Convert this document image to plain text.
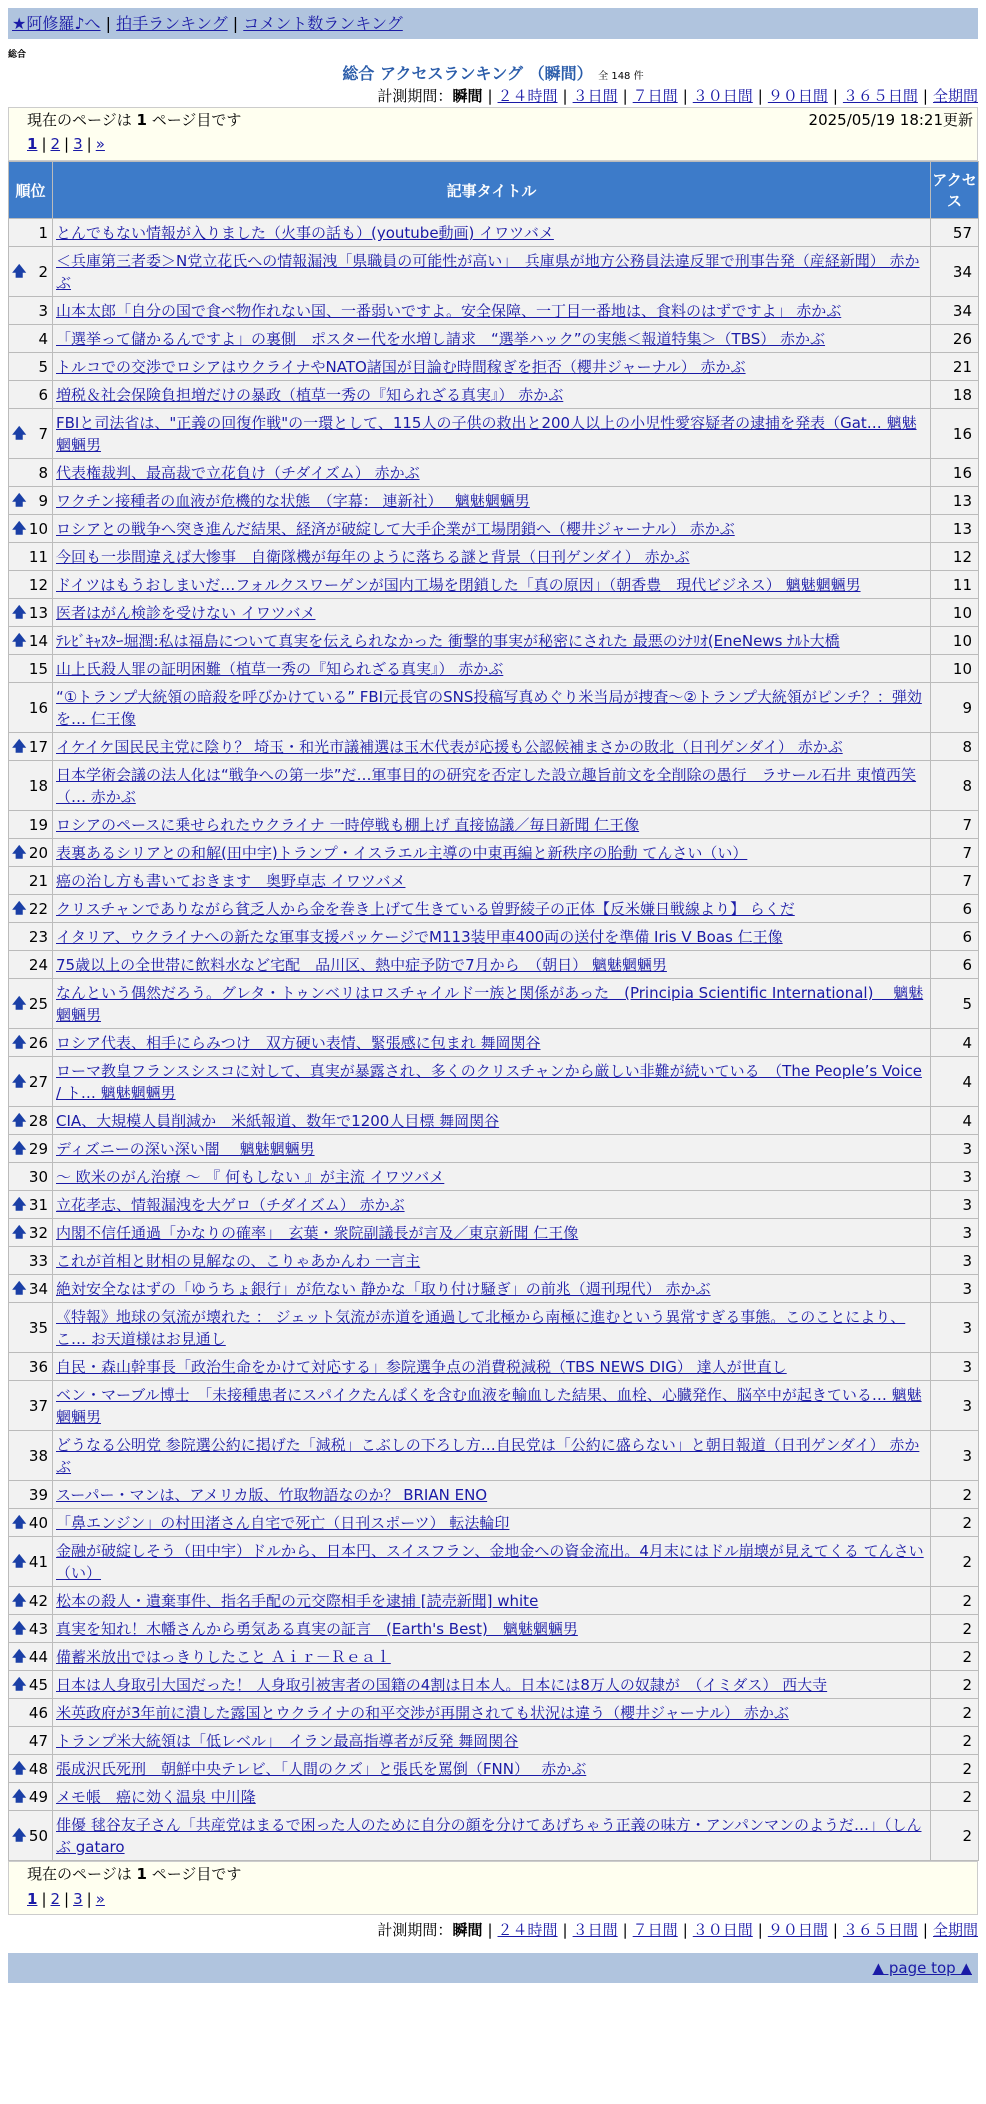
★阿修羅♪へ | 拍手ランキング | コメント数ランキング
総合
総合 アクセスランキング （瞬間） 全 148 件
計測期間：瞬間 | ２４時間 | ３日間 | ７日間 | ３０日間 | ９０日間 | ３６５日間 | 全期間
現在のページは 1 ページ目です	2025/05/19 18:21更新
1 | 2 | 3 | »
順位	記事タイトル	アクセス
1	とんでもない情報が入りました（火事の話も）(youtube動画) イワツバメ	57

🡅 2	＜兵庫第三者委＞N党立花氏への情報漏洩「県職員の可能性が高い」　兵庫県が地方公務員法違反罪で刑事告発（産経新聞） 赤かぶ	34
3	山本太郎「自分の国で食べ物作れない国、一番弱いですよ。安全保障、一丁目一番地は、食料のはずですよ」 赤かぶ	34
4	「選挙って儲かるんですよ」の裏側　ポスター代を水増し請求　“選挙ハック”の実態＜報道特集＞（TBS） 赤かぶ	26
5	トルコでの交渉でロシアはウクライナやNATO諸国が目論む時間稼ぎを拒否（櫻井ジャーナル） 赤かぶ	21
6	増税＆社会保険負担増だけの暴政（植草一秀の『知られざる真実』） 赤かぶ	18

🡅 7	FBIと司法省は、"正義の回復作戦"の一環として、115人の子供の救出と200人以上の小児性愛容疑者の逮捕を発表（Gat… 魑魅魍魎男	16
8	代表権裁判、最高裁で立花負け（チダイズム） 赤かぶ	16

🡅 9	ワクチン接種者の血液が危機的な状態　（字幕： 連新社）　 魑魅魍魎男	13

🡅 10	ロシアとの戦争へ突き進んだ結果、経済が破綻して大手企業が工場閉鎖へ（櫻井ジャーナル） 赤かぶ	13
11	今回も一歩間違えば大惨事　自衛隊機が毎年のように落ちる謎と背景（日刊ゲンダイ） 赤かぶ	12
12	ドイツはもうおしまいだ…フォルクスワーゲンが国内工場を閉鎖した「真の原因」（朝香豊　現代ビジネス） 魑魅魍魎男	11

🡅 13	医者はがん検診を受けない イワツバメ	10

🡅 14	ﾃﾚﾋﾞｷｬｽﾀｰ堀潤:私は福島について真実を伝えられなかった 衝撃的事実が秘密にされた 最悪のｼﾅﾘｵ(EneNews ﾅﾙﾄ大橋	10
15	山上氏殺人罪の証明困難（植草一秀の『知られざる真実』） 赤かぶ	10
16	“①トランプ大統領の暗殺を呼びかけている” FBI元長官のSNS投稿写真めぐり米当局が捜査〜②トランプ大統領がピンチ？：弾効を… 仁王像	9

🡅 17	イケイケ国民民主党に陰り？ 埼玉・和光市議補選は玉木代表が応援も公認候補まさかの敗北（日刊ゲンダイ） 赤かぶ	8
18	日本学術会議の法人化は“戦争への第一歩”だ…軍事目的の研究を否定した設立趣旨前文を全削除の愚行　ラサール石井 東憤西笑（… 赤かぶ	8
19	ロシアのペースに乗せられたウクライナ 一時停戦も棚上げ 直接協議／毎日新聞 仁王像	7

🡅 20	表裏あるシリアとの和解(田中宇)トランプ・イスラエル主導の中東再編と新秩序の胎動 てんさい（い）	7
21	癌の治し方も書いておきます　奥野卓志 イワツバメ	7

🡅 22	クリスチャンでありながら貧乏人から金を巻き上げて生きている曽野綾子の正体【反米嫌日戦線より】 らくだ	6
23	イタリア、ウクライナへの新たな軍事支援パッケージでM113装甲車400両の送付を準備 Iris V Boas 仁王像	6
24	75歳以上の全世帯に飲料水など宅配　品川区、熱中症予防で7月から　（朝日） 魑魅魍魎男	6

🡅 25	なんという偶然だろう。グレタ・トゥンベリはロスチャイルド一族と関係があった　(Principia Scientific International)　 魑魅魍魎男	5

🡅 26	ロシア代表、相手にらみつけ　双方硬い表情、緊張感に包まれ 舞岡関谷	4

🡅 27	ローマ教皇フランスシスコに対して、真実が暴露され、多くのクリスチャンから厳しい非難が続いている　（The People’s Voice / ト… 魑魅魍魎男	4

🡅 28	CIA、大規模人員削減か　米紙報道、数年で1200人目標 舞岡関谷	4

🡅 29	ディズニーの深い深い闇　 魑魅魍魎男	3
30	〜 欧米のがん治療 〜 『 何もしない 』が主流 イワツバメ	3

🡅 31	立花孝志、情報漏洩を大ゲロ（チダイズム） 赤かぶ	3

🡅 32	内閣不信任通過「かなりの確率」　玄葉・衆院副議長が言及／東京新聞 仁王像	3
33	これが首相と財相の見解なの、こりゃあかんわ 一言主	3

🡅 34	絶対安全なはずの「ゆうちょ銀行」が危ない 静かな「取り付け騒ぎ」の前兆（週刊現代） 赤かぶ	3
35	《特報》地球の気流が壊れた ： ジェット気流が赤道を通過して北極から南極に進むという異常すぎる事態。このことにより、こ… お天道様はお見通し	3
36	自民・森山幹事長「政治生命をかけて対応する」参院選争点の消費税減税（TBS NEWS DIG） 達人が世直し	3
37	ベン・マーブル博士　「未接種患者にスパイクたんぱくを含む血液を輸血した結果、血栓、心臓発作、脳卒中が起きている… 魑魅魍魎男	3
38	どうなる公明党 参院選公約に掲げた「減税」こぶしの下ろし方…自民党は「公約に盛らない」と朝日報道（日刊ゲンダイ） 赤かぶ	3
39	スーパー・マンは、アメリカ版、竹取物語なのか？ BRIAN ENO	2

🡅 40	「鼻エンジン」の村田渚さん自宅で死亡（日刊スポーツ） 転法輪印	2

🡅 41	金融が破綻しそう（田中宇）ドルから、日本円、スイスフラン、金地金への資金流出。4月末にはドル崩壊が見えてくる てんさい（い）	2

🡅 42	松本の殺人・遺棄事件、指名手配の元交際相手を逮捕 [読売新聞] white	2

🡅 43	真実を知れ！木幡さんから勇気ある真実の証言　(Earth's Best)　魑魅魍魎男	2

🡅 44	備蓄米放出ではっきりしたこと Ａｉｒ－Ｒｅａｌ	2

🡅 45	日本は人身取引大国だった！ 人身取引被害者の国籍の4割は日本人。日本には8万人の奴隷が　（イミダス） 西大寺	2
46	米英政府が3年前に潰した露国とウクライナの和平交渉が再開されても状況は違う（櫻井ジャーナル） 赤かぶ	2
47	トランプ米大統領は「低レベル」　イラン最高指導者が反発 舞岡関谷	2

🡅 48	張成沢氏死刑　朝鮮中央テレビ、「人間のクズ」と張氏を罵倒（FNN）　 赤かぶ	2

🡅 49	メモ帳　癌に効く温泉 中川隆	2

🡅 50	俳優 毬谷友子さん「共産党はまるで困った人のために自分の顔を分けてあげちゃう正義の味方・アンパンマンのようだ…」（しんぶ gataro	2
現在のページは 1 ページ目です
1 | 2 | 3 | »
計測期間：瞬間 | ２４時間 | ３日間 | ７日間 | ３０日間 | ９０日間 | ３６５日間 | 全期間
▲ page top ▲
